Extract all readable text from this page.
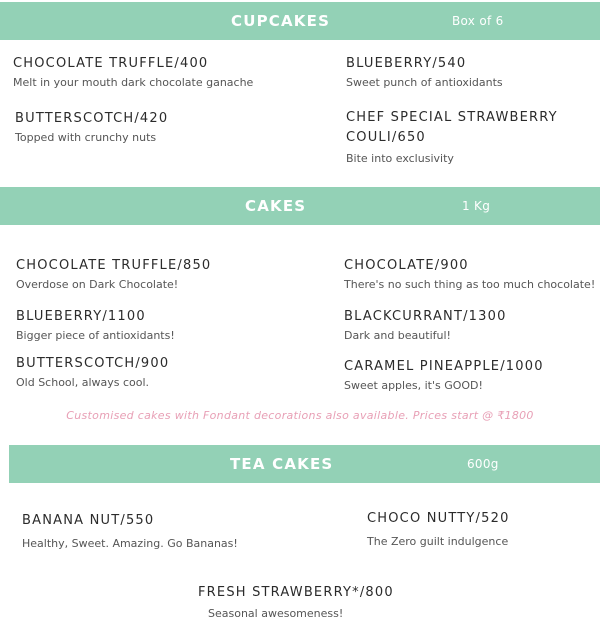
CUPCAKES	Box of 6
CHOCOLATE TRUFFLE/400
Melt in your mouth dark chocolate ganache
BLUEBERRY/540
Sweet punch of antioxidants
BUTTERSCOTCH/420
Topped with crunchy nuts
CHEF SPECIAL STRAWBERRY COULI/650
Bite into exclusivity
CAKES	1 Kg
CHOCOLATE TRUFFLE/850
Overdose on Dark Chocolate!
CHOCOLATE/900
There's no such thing as too much chocolate!
BLUEBERRY/1100
Bigger piece of antioxidants!
BLACKCURRANT/1300
Dark and beautiful!
BUTTERSCOTCH/900
Old School, always cool.
CARAMEL PINEAPPLE/1000
Sweet apples, it's GOOD!
Customised cakes with Fondant decorations also available. Prices start @ ₹1800
TEA CAKES	600g
BANANA NUT/550
Healthy, Sweet. Amazing. Go Bananas!
CHOCO NUTTY/520
The Zero guilt indulgence
FRESH STRAWBERRY*/800
Seasonal awesomeness!
